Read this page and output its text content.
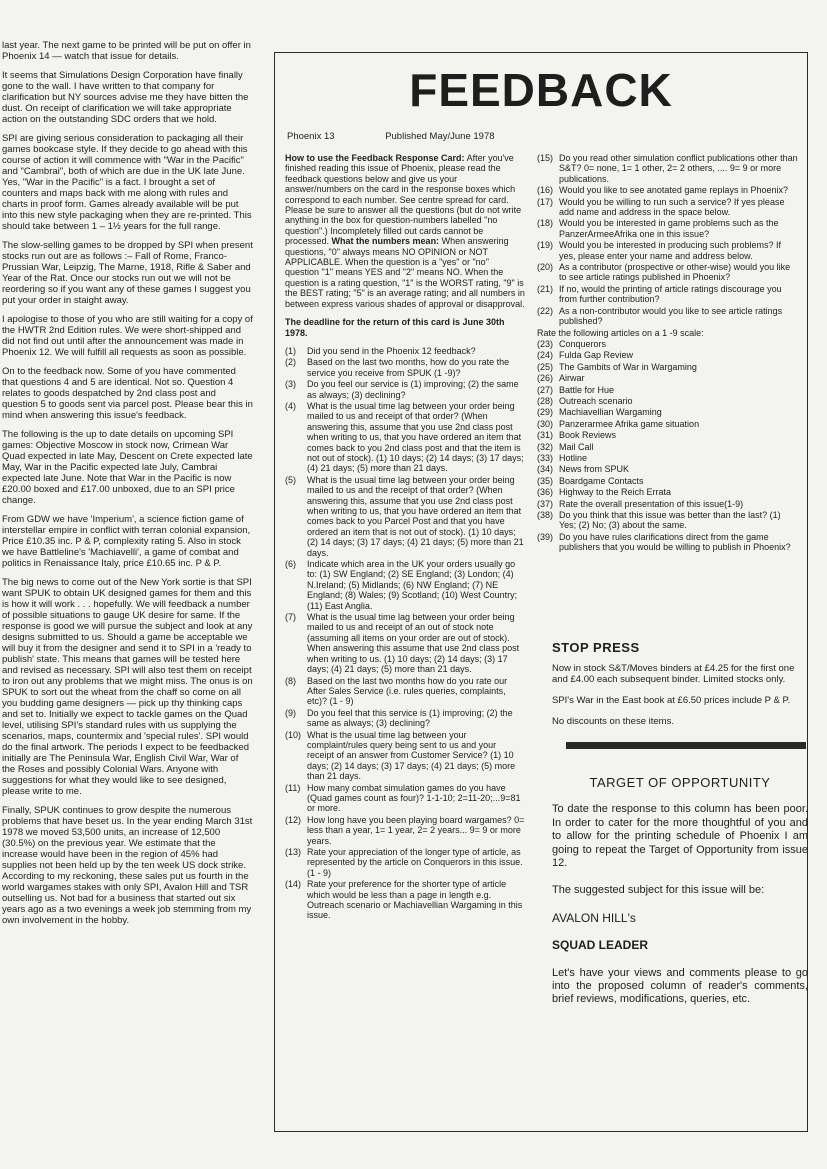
last year. The next game to be printed will be put on offer in Phoenix 14 — watch that issue for details.

It seems that Simulations Design Corporation have finally gone to the wall. I have written to that company for clarification but NY sources advise me they have bitten the dust. On receipt of clarification we will take appropriate action on the outstanding SDC orders that we hold.

SPI are giving serious consideration to packaging all their games bookcase style. If they decide to go ahead with this course of action it will commence with "War in the Pacific" and "Cambrai", both of which are due in the UK late June. Yes, "War in the Pacific" is a fact. I brought a set of counters and maps back with me along with rules and charts in proof form. Games already available will be put into this new style packaging when they are re-printed. This should take between 1 – 1½ years for the full range.

The slow-selling games to be dropped by SPI when present stocks run out are as follows :– Fall of Rome, Franco-Prussian War, Leipzig, The Marne, 1918, Rifle & Saber and Year of the Rat. Once our stocks run out we will not be reordering so if you want any of these games I suggest you put your order in staight away.

I apologise to those of you who are still waiting for a copy of the HWTR 2nd Edition rules. We were short-shipped and did not find out until after the announcement was made in Phoenix 12. We will fulfill all requests as soon as possible.

On to the feedback now. Some of you have commented that questions 4 and 5 are identical. Not so. Question 4 relates to goods despatched by 2nd class post and question 5 to goods sent via parcel post. Please bear this in mind when answering this issue's feedback.

The following is the up to date details on upcoming SPI games: Objective Moscow in stock now, Crimean War Quad expected in late May, Descent on Crete expected late May, War in the Pacific expected late July, Cambrai expected late June. Note that War in the Pacific is now £20.00 boxed and £17.00 unboxed, due to an SPI price change.

From GDW we have 'Imperium', a science fiction game of interstellar empire in conflict with terran colonial expansion, Price £10.35 inc. P & P, complexity rating 5. Also in stock we have Battleline's 'Machiavelli', a game of combat and politics in Renaissance Italy, price £10.65 inc. P & P.

The big news to come out of the New York sortie is that SPI want SPUK to obtain UK designed games for them and this is how it will work . . . hopefully. We will feedback a number of possible situations to gauge UK desire for same. If the response is good we will pursue the subject and look at any designs submitted to us. Should a game be acceptable we will buy it from the designer and send it to SPI in a 'ready to publish' state. This means that games will be tested here and revised as necessary. SPI will also test them on receipt to iron out any problems that we might miss. The onus is on SPUK to sort out the wheat from the chaff so come on all you budding game designers — pick up thy thinking caps and set to. Initially we expect to tackle games on the Quad level, utilising SPI's standard rules with us supplying the scenarios, maps, countermix and 'special rules'. SPI would do the final artwork. The periods I expect to be feedbacked initially are The Peninsula War, English Civil War, War of the Roses and possibly Colonial Wars. Anyone with suggestions for what they would like to see designed, please write to me.

Finally, SPUK continues to grow despite the numerous problems that have beset us. In the year ending March 31st 1978 we moved 53,500 units, an increase of 12,500 (30.5%) on the previous year. We estimate that the increase would have been in the region of 45% had supplies not been held up by the ten week US dock strike. According to my reckoning, these sales put us fourth in the world wargames stakes with only SPI, Avalon Hill and TSR outselling us. Not bad for a business that started out six years ago as a two evenings a week job stemming from my own involvement in the hobby.

FEEDBACK
Phoenix 13	Published May/June 1978

How to use the Feedback Response Card: After you've finished reading this issue of Phoenix, please read the feedback questions below and give us your answer/numbers on the card in the response boxes which correspond to each number. See centre spread for card. Please be sure to answer all the questions (but do not write anything in the box for question-numbers labelled "no question".) Incompletely filled out cards cannot be processed. What the numbers mean: When answering questions, "0" always means NO OPINION or NOT APPLICABLE. When the question is a "yes" or "no" question "1" means YES and "2" means NO. When the question is a rating question, "1" is the WORST rating, "9" is the BEST rating; "5" is an average rating; and all numbers in between express various shades of approval or disapproval.

The deadline for the return of this card is June 30th 1978.

(1)	Did you send in the Phoenix 12 feedback?
(2)	Based on the last two months, how do you rate the service you receive from SPUK (1 -9)?
(3)	Do you feel our service is (1) improving; (2) the same as always; (3) declining?
(4)	What is the usual time lag between your order being mailed to us and receipt of that order? (When answering this, assume that you use 2nd class post when writing to us, that you have ordered an item that comes back to you 2nd class post and that the item is not out of stock). (1) 10 days; (2) 14 days; (3) 17 days; (4) 21 days; (5) more than 21 days.
(5)	What is the usual time lag between your order being mailed to us and the receipt of that order? (When answering this, assume that you use 2nd class post when writing to us, that you have ordered an item that comes back to you Parcel Post and that you have ordered an item that is not out of stock). (1) 10 days; (2) 14 days; (3) 17 days; (4) 21 days; (5) more than 21 days.
(6)	Indicate which area in the UK your orders usually go to: (1) SW England; (2) SE England; (3) London; (4) N.Ireland; (5) Midlands; (6) NW England; (7) NE England; (8) Wales; (9) Scotland; (10) West Country; (11) East Anglia.
(7)	What is the usual time lag between your order being mailed to us and receipt of an out of stock note (assuming all items on your order are out of stock). When answering this assume that use 2nd class post when writing to us. (1) 10 days; (2) 14 days; (3) 17 days; (4) 21 days; (5) more than 21 days.
(8)	Based on the last two months how do you rate our After Sales Service (i.e. rules queries, complaints, etc)? (1 - 9)
(9)	Do you feel that this service is (1) improving; (2) the same as always; (3) declining?
(10) What is the usual time lag between your complaint/rules query being sent to us and your receipt of an answer from Customer Service? (1) 10 days; (2) 14 days; (3) 17 days; (4) 21 days; (5) more than 21 days.
(11) How many combat simulation games do you have (Quad games count as four)? 1-1-10; 2=11-20;...9=81 or more.
(12) How long have you been playing board wargames? 0= less than a year, 1= 1 year, 2= 2 years... 9= 9 or more years.
(13) Rate your appreciation of the longer type of article, as represented by the article on Conquerors in this issue. (1 - 9)
(14) Rate your preference for the shorter type of article which would be less than a page in length e.g. Outreach scenario or Machiavellian Wargaming in this issue.
(15) Do you read other simulation conflict publications other than S&T? 0= none, 1= 1 other, 2= 2 others, .... 9= 9 or more publications.
(16) Would you like to see anotated game replays in Phoenix?
(17) Would you be willing to run such a service? If yes please add name and address in the space below.
(18) Would you be interested in game problems such as the PanzerArmeeAfrika one in this issue?
(19) Would you be interested in producing such problems? If yes, please enter your name and address below.
(20) As a contributor (prospective or other-wise) would you like to see article ratings published in Phoenix?
(21) If no, would the printing of article ratings discourage you from further contribution?
(22) As a non-contributor would you like to see article ratings published?
Rate the following articles on a 1 -9 scale:
(23) Conquerors
(24) Fulda Gap Review
(25) The Gambits of War in Wargaming
(26) Airwar
(27) Battle for Hue
(28) Outreach scenario
(29) Machiavellian Wargaming
(30) Panzerarmee Afrika game situation
(31) Book Reviews
(32) Mail Call
(33) Hotline
(34) News from SPUK
(35) Boardgame Contacts
(36) Highway to the Reich Errata
(37) Rate the overall presentation of this issue(1-9)
(38) Do you think that this issue was better than the last? (1) Yes; (2) No; (3) about the same.
(39) Do you have rules clarifications direct from the game publishers that you would be willing to publish in Phoenix?
STOP PRESS

Now in stock S&T/Moves binders at £4.25 for the first one and £4.00 each subsequent binder. Limited stocks only.

SPI's War in the East book at £6.50 prices include P & P.

No discounts on these items.

TARGET OF OPPORTUNITY

To date the response to this column has been poor. In order to cater for the more thoughtful of you and to allow for the printing schedule of Phoenix I am going to repeat the Target of Opportunity from issue 12.

The suggested subject for this issue will be:

AVALON HILL's

SQUAD LEADER

Let's have your views and comments please to go into the proposed column of reader's comments, brief reviews, modifications, queries, etc.
